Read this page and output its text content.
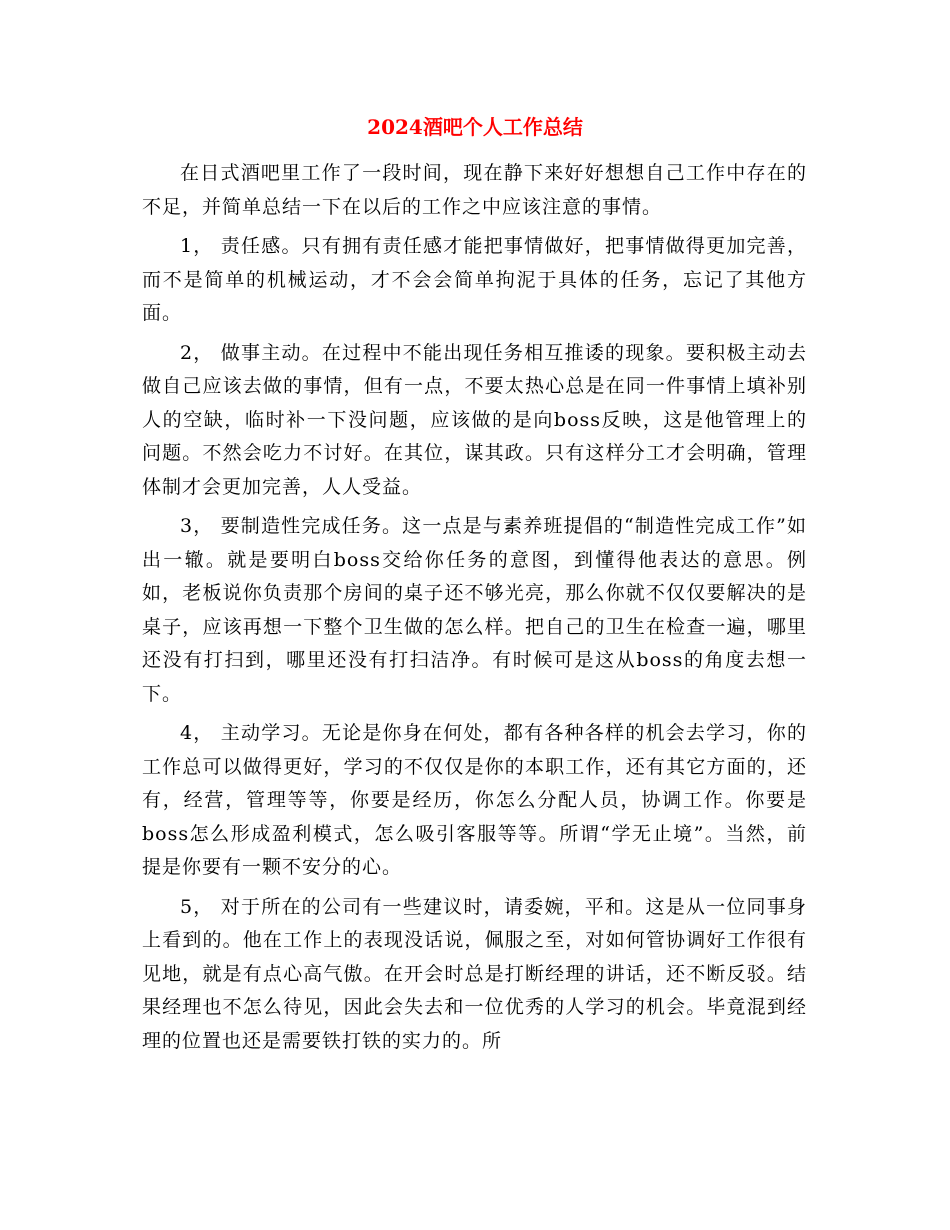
2024酒吧个人工作总结

在日式酒吧里工作了一段时间，现在静下来好好想想自己工作中存在的不足，并简单总结一下在以后的工作之中应该注意的事情。

1， 责任感。只有拥有责任感才能把事情做好，把事情做得更加完善，而不是简单的机械运动，才不会会简单拘泥于具体的任务，忘记了其他方面。

2， 做事主动。在过程中不能出现任务相互推诿的现象。要积极主动去做自己应该去做的事情，但有一点，不要太热心总是在同一件事情上填补别人的空缺，临时补一下没问题，应该做的是向boss反映，这是他管理上的问题。不然会吃力不讨好。在其位，谋其政。只有这样分工才会明确，管理体制才会更加完善，人人受益。

3， 要制造性完成任务。这一点是与素养班提倡的“制造性完成工作”如出一辙。就是要明白boss交给你任务的意图，到懂得他表达的意思。例如，老板说你负责那个房间的桌子还不够光亮，那么你就不仅仅要解决的是桌子，应该再想一下整个卫生做的怎么样。把自己的卫生在检查一遍，哪里还没有打扫到，哪里还没有打扫洁净。有时候可是这从boss的角度去想一下。

4， 主动学习。无论是你身在何处，都有各种各样的机会去学习，你的工作总可以做得更好，学习的不仅仅是你的本职工作，还有其它方面的，还有，经营，管理等等，你要是经历，你怎么分配人员，协调工作。你要是boss怎么形成盈利模式，怎么吸引客服等等。所谓“学无止境”。当然，前提是你要有一颗不安分的心。

5， 对于所在的公司有一些建议时，请委婉，平和。这是从一位同事身上看到的。他在工作上的表现没话说，佩服之至，对如何管协调好工作很有见地，就是有点心高气傲。在开会时总是打断经理的讲话，还不断反驳。结果经理也不怎么待见，因此会失去和一位优秀的人学习的机会。毕竟混到经理的位置也还是需要铁打铁的实力的。所
